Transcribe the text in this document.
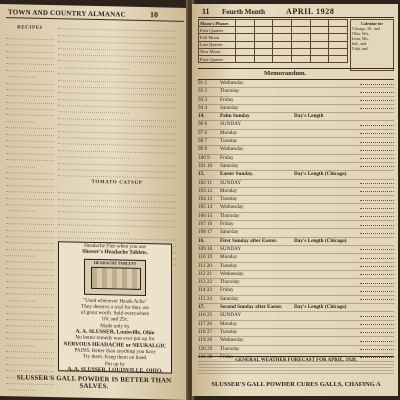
TOWN AND COUNTRY ALMANAC	10
RECIPES
TOMATO CATSUP
Headache Flee when you use
Slusser's Headache Tablets.
HEADACHE TABLETS
"Used whenever Heads Ache"
They deserve a trial for they are
of great worth. Sold everywhere
10c and 25c.
Made only by
A. A. SLUSSER, Louisville, Ohio
No better remedy was ever put up for
NERVOUS HEADACHE or NEURALGIC
PAINS. Better than anything you have
Try them. Keep them on hand.
Put up by
A. A. SLUSSER, LOUISVILLE, OHIO.
SLUSSER'S GALL POWDER IS BETTER THAN SALVES.
11 Fourth Month	APRIL 1928
Moon's Phases						
First Quarter						
Full Moon						
Last Quarter						
New Moon						
First Quarter						
Calendar for
Chicago, Ill., and
Ohio, Wis.,
Iowa, Mo.,
Ind., and
Utah, and
Memorandum.
91 1	Wednesday
92 2	Thursday
93 3	Friday
94 4	Saturday
14.	Palm Sunday	Day's Length
96 6	SUNDAY
97 6	Monday
98 7	Tuesday
99 8	Wednesday
100 9	Friday
101 10	Saturday
15.	Easter Sunday.	Day's Length (Chicago)
102 11	SUNDAY
103 12	Monday
104 13	Tuesday
105 14	Wednesday
106 15	Thursday
107 16	Friday
108 17	Saturday
16.	First Sunday after Easter.	Day's Length (Chicago)
109 18	SUNDAY
110 19	Monday
111 20	Tuesday
112 21	Wednesday
113 22	Thursday
114 23	Friday
115 24	Saturday
17.	Second Sunday after Easter.	Day's Length (Chicago)
116 25	SUNDAY
117 26	Monday
118 27	Tuesday
119 28	Wednesday
120 29	Thursday
121 30	Friday
GENERAL WEATHER FORECAST FOR APRIL, 1928.
SLUSSER'S GALL POWDER CURES GALLS, CHAFING A
